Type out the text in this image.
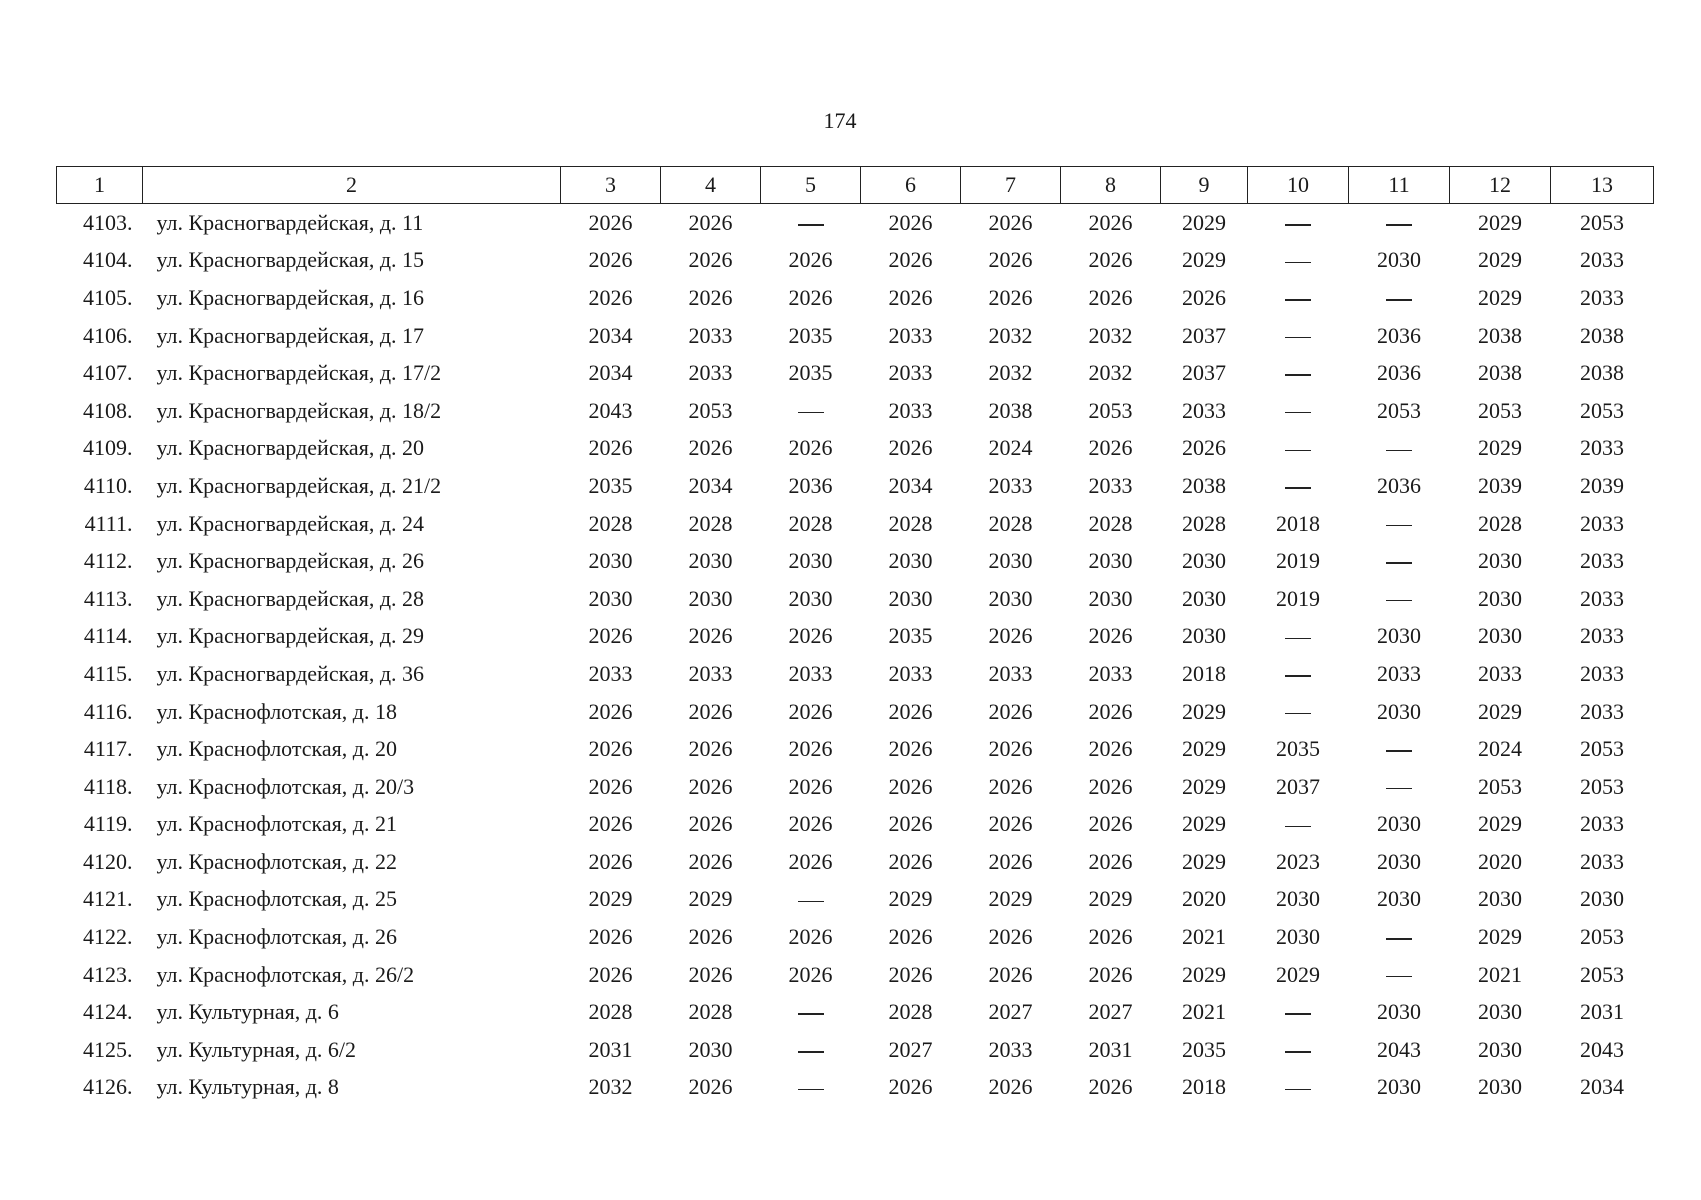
174
1	2	3	4	5	6	7	8	9	10	11	12	13
4103.	ул. Красногвардейская, д. 11	2026	2026		2026	2026	2026	2029			2029	2053
4104.	ул. Красногвардейская, д. 15	2026	2026	2026	2026	2026	2026	2029		2030	2029	2033
4105.	ул. Красногвардейская, д. 16	2026	2026	2026	2026	2026	2026	2026			2029	2033
4106.	ул. Красногвардейская, д. 17	2034	2033	2035	2033	2032	2032	2037		2036	2038	2038
4107.	ул. Красногвардейская, д. 17/2	2034	2033	2035	2033	2032	2032	2037		2036	2038	2038
4108.	ул. Красногвардейская, д. 18/2	2043	2053		2033	2038	2053	2033		2053	2053	2053
4109.	ул. Красногвардейская, д. 20	2026	2026	2026	2026	2024	2026	2026			2029	2033
4110.	ул. Красногвардейская, д. 21/2	2035	2034	2036	2034	2033	2033	2038		2036	2039	2039
4111.	ул. Красногвардейская, д. 24	2028	2028	2028	2028	2028	2028	2028	2018		2028	2033
4112.	ул. Красногвардейская, д. 26	2030	2030	2030	2030	2030	2030	2030	2019		2030	2033
4113.	ул. Красногвардейская, д. 28	2030	2030	2030	2030	2030	2030	2030	2019		2030	2033
4114.	ул. Красногвардейская, д. 29	2026	2026	2026	2035	2026	2026	2030		2030	2030	2033
4115.	ул. Красногвардейская, д. 36	2033	2033	2033	2033	2033	2033	2018		2033	2033	2033
4116.	ул. Краснофлотская, д. 18	2026	2026	2026	2026	2026	2026	2029		2030	2029	2033
4117.	ул. Краснофлотская, д. 20	2026	2026	2026	2026	2026	2026	2029	2035		2024	2053
4118.	ул. Краснофлотская, д. 20/3	2026	2026	2026	2026	2026	2026	2029	2037		2053	2053
4119.	ул. Краснофлотская, д. 21	2026	2026	2026	2026	2026	2026	2029		2030	2029	2033
4120.	ул. Краснофлотская, д. 22	2026	2026	2026	2026	2026	2026	2029	2023	2030	2020	2033
4121.	ул. Краснофлотская, д. 25	2029	2029		2029	2029	2029	2020	2030	2030	2030	2030
4122.	ул. Краснофлотская, д. 26	2026	2026	2026	2026	2026	2026	2021	2030		2029	2053
4123.	ул. Краснофлотская, д. 26/2	2026	2026	2026	2026	2026	2026	2029	2029		2021	2053
4124.	ул. Культурная, д. 6	2028	2028		2028	2027	2027	2021		2030	2030	2031
4125.	ул. Культурная, д. 6/2	2031	2030		2027	2033	2031	2035		2043	2030	2043
4126.	ул. Культурная, д. 8	2032	2026		2026	2026	2026	2018		2030	2030	2034
